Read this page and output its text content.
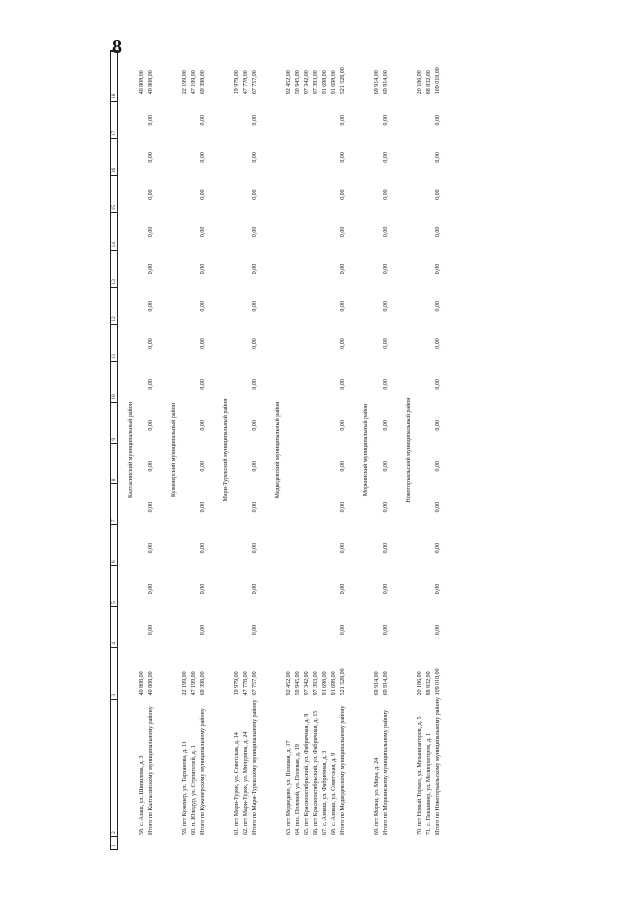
8
1
2
3
4
5
6
7
8
9
10
11
12
13
14
15
16
17
18
Калтасинский муниципальный район
58. с. Азаш, ул. Шипилова, д. 3
40 808,00
40 808,00
Итого по Калтасинскому муниципальному району
40 808,00
0,00
0,00
0,00
0,00
0,00
0,00
0,00
0,00
0,00
0,00
0,00
0,00
0,00
0,00
40 808,00
Куженерский муниципальный район
59. пгт Куженер, ул. Тарханова, д. 11
22 199,00
22 199,00
60. п. Юледур, ул. Строителей, д. 1
47 199,00
47 199,00
Итого по Куженерскому муниципальному району
69 398,00
0,00
0,00
0,00
0,00
0,00
0,00
0,00
0,00
0,00
0,00
0,00
0,00
0,00
0,00
69 398,00
Мари-Турекский муниципальный район
61. пгт Мари-Турек, ул. Советская, д. 14
19 979,00
19 979,00
62. пгт Мари-Турек, ул. Мичурина, д. 24
47 778,00
47 778,00
Итого по Мари-Турекскому муниципальному району
67 757,00
0,00
0,00
0,00
0,00
0,00
0,00
0,00
0,00
0,00
0,00
0,00
0,00
0,00
0,00
67 757,00
Медведевский муниципальный район
63. пгт Медведево, ул. Полевая, д. 17
92 452,00
92 452,00
64. пос. Полевой, ул. Полевая, д. 19
50 945,00
50 945,00
65. пгт Краснооктябрьский, ул. Фабричная, д. 9
97 342,00
97 342,00
66. пгт Краснооктябрьский, ул. Фабричная, д. 15
97 393,00
97 393,00
67. с. Азмаш, ул. Фабричная, д. 3
91 698,00
91 698,00
68. с. Азмаш, ул. Советская, д. 9
91 698,00
91 698,00
Итого по Медведевскому муниципальному району
521 528,00
0,00
0,00
0,00
0,00
0,00
0,00
0,00
0,00
0,00
0,00
0,00
0,00
0,00
0,00
521 528,00
Моркинский муниципальный район
69. пгт Морки, ул. Мира, д. 24
69 914,00
69 914,00
Итого по Моркинскому муниципальному району
69 914,00
0,00
0,00
0,00
0,00
0,00
0,00
0,00
0,00
0,00
0,00
0,00
0,00
0,00
0,00
69 914,00
Новоторъяльский муниципальный район
70. пгт Новый Торъял, ул. Механизаторов, д. 5
20 186,00
20 186,00
71. с. Пекшинер, ул. Мелиораторов, д. 1
88 832,00
88 832,00
Итого по Новоторъяльскому муниципальному району
109 018,00
0,00
0,00
0,00
0,00
0,00
0,00
0,00
0,00
0,00
0,00
0,00
0,00
0,00
0,00
109 018,00
